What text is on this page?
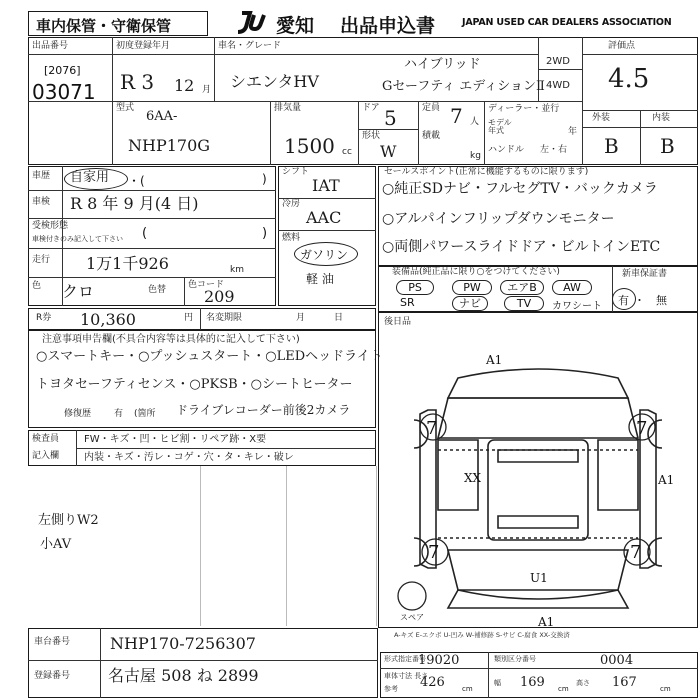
車内保管・守衛保管	愛知 出品申込書	JAPAN USED CAR DEALERS ASSOCIATION
出品番号
[2076]
03071
初度登録年月
R 3 12 月
車名・グレード
シエンタHV
ハイブリッド
Gセーフティ エディションⅡ
2WD
4WD
評価点
4.5
外装	内装
B B
型式
6AA-
NHP170G
排気量
1500 cc
ドア 5
形状
W
定員 7 人
積載
kg
ディーラー・並行
モデル年式	年
ハンドル 左・右
車歴 自家用 ・(	)
車検 R 8 年 9 月(4 日)
受検形態
車検付きのみ記入して下さい (	)
走行 1万1千926	km
色 クロ	色替 色コード
209
シフト
IAT
冷房
AAC
燃料
ガソリン
軽 油
セールスポイント(正常に機能するものに限ります)
○純正SDナビ・フルセグTV・バックカメラ
○アルパインフリップダウンモニター
○両側パワースライドドア・ビルトインETC
装備品(純正品に限り○をつけてください)
PS	PW	エアB	AW
SR	ナビ	TV	カワシート
新車保証書
有 ・ 無
R券 10,360	円 名変期限	月	日
注意事項申告欄(不具合内容等は具体的に記入して下さい)
○スマートキー・○プッシュスタート・○LEDヘッドライト
トヨタセーフティセンス・○PKSB・○シートヒーター
修復歴	有 (箇所 ドライブレコーダー前後2カメラ
検査員
記入欄
FW・キズ・凹・ヒビ割・リペア跡・X要
内装・キズ・汚レ・コゲ・穴・タ・キレ・破レ
左側りW2
小AV
後日品
A1
7	7
XX	A1
7	7
U1
A1
スペア
A-キズ E-エクボ U-凹み W-補修跡 S-サビ C-腐食 XX-交換済
車台番号 NHP170-7256307
登録番号 名古屋 508 ね 2899
形式指定番号
19020	類別区分番号	0004
車体寸法 長さ
参考 426 cm
幅 169 cm
高さ 167	cm
